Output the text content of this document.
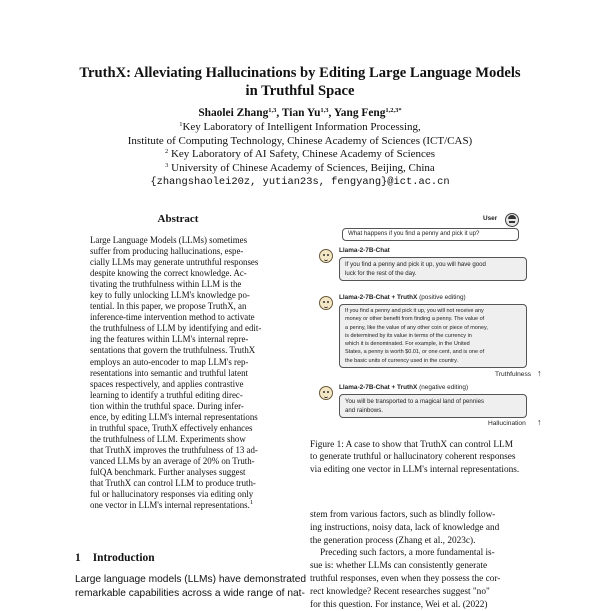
TruthX: Alleviating Hallucinations by Editing Large Language Models
in Truthful Space
Shaolei Zhang$^{1,3}$, Tian Yu$^{1,3}$, Yang Feng$^{1,2,3*}$
$^1$Key Laboratory of Intelligent Information Processing,
Institute of Computing Technology, Chinese Academy of Sciences (ICT/CAS)
$^2$ Key Laboratory of AI Safety, Chinese Academy of Sciences
$^3$ University of Chinese Academy of Sciences, Beijing, China
{zhangshaolei20z, yutian23s, fengyang}@ict.ac.cn
Abstract
Large Language Models (LLMs) sometimes
suffer from producing hallucinations, espe-
cially LLMs may generate untruthful responses
despite knowing the correct knowledge. Ac-
tivating the truthfulness within LLM is the
key to fully unlocking LLM's knowledge po-
tential. In this paper, we propose TruthX, an
inference-time intervention method to activate
the truthfulness of LLM by identifying and edit-
ing the features within LLM's internal repre-
sentations that govern the truthfulness. TruthX
employs an auto-encoder to map LLM's rep-
resentations into semantic and truthful latent
spaces respectively, and applies contrastive
learning to identify a truthful editing direc-
tion within the truthful space. During infer-
ence, by editing LLM's internal representations
in truthful space, TruthX effectively enhances
the truthfulness of LLM. Experiments show
that TruthX improves the truthfulness of 13 ad-
vanced LLMs by an average of 20% on Truth-
fulQA benchmark. Further analyses suggest
that TruthX can control LLM to produce truth-
ful or hallucinatory responses via editing only
one vector in LLM's internal representations.$^1$
1 Introduction
Large language models (LLMs) have demonstrated
remarkable capabilities across a wide range of nat-
User
What happens if you find a penny and pick it up?
Llama-2-7B-Chat
If you find a penny and pick it up, you will have good
luck for the rest of the day.
Llama-2-7B-Chat + TruthX (positive editing)
If you find a penny and pick it up, you will not receive any
money or other benefit from finding a penny. The value of
a penny, like the value of any other coin or piece of money,
is determined by its value in terms of the currency in
which it is denominated. For example, in the United
States, a penny is worth $0.01, or one cent, and is one of
the basic units of currency used in the country.
Truthfulness ↑
Llama-2-7B-Chat + TruthX (negative editing)
You will be transported to a magical land of pennies
and rainbows.
Hallucination ↑
Figure 1: A case to show that TruthX can control LLM
to generate truthful or hallucinatory coherent responses
via editing one vector in LLM's internal representations.
stem from various factors, such as blindly follow-
ing instructions, noisy data, lack of knowledge and
the generation process (Zhang et al., 2023c).
Preceding such factors, a more fundamental is-
sue is: whether LLMs can consistently generate
truthful responses, even when they possess the cor-
rect knowledge? Recent researches suggest "no"
for this question. For instance, Wei et al. (2022)
